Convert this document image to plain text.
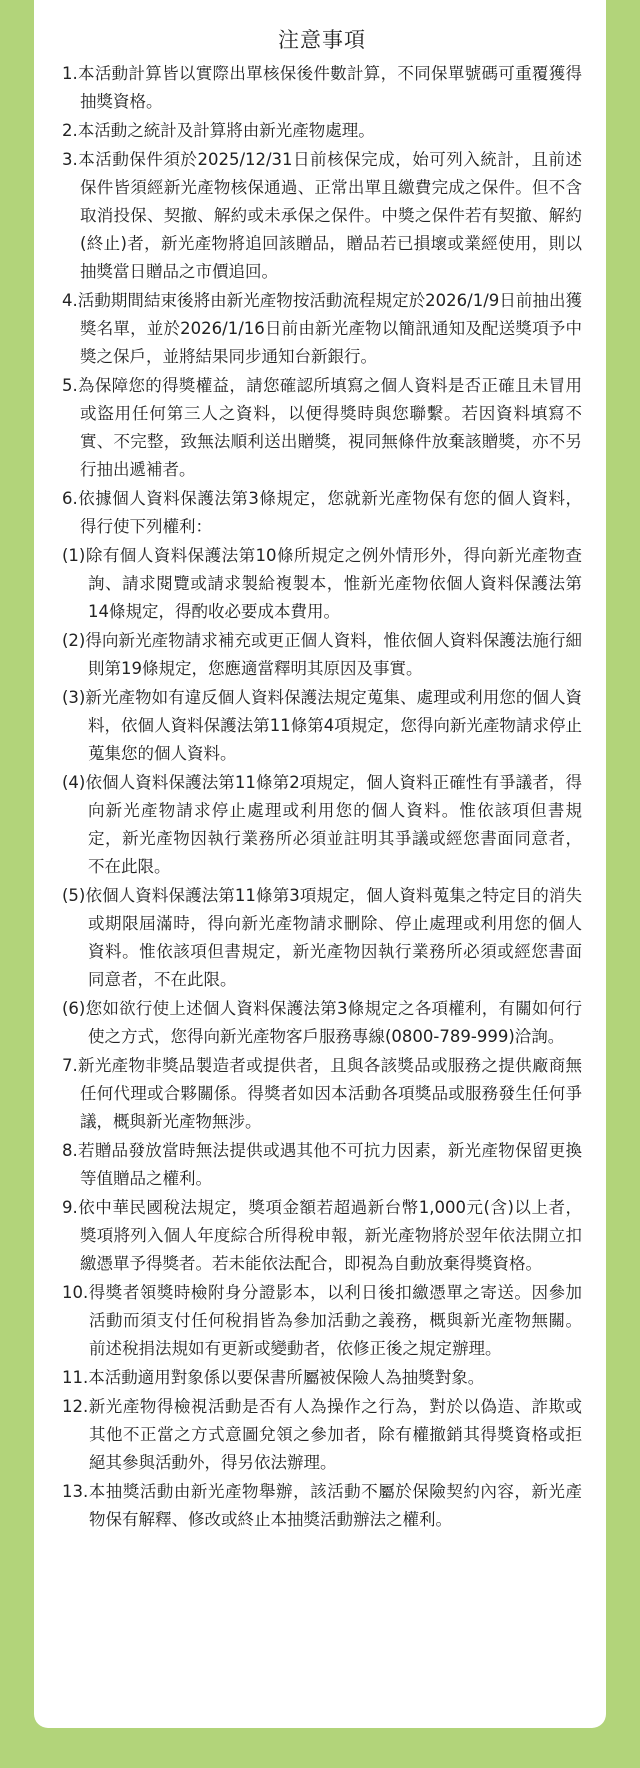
注意事項
1.本活動計算皆以實際出單核保後件數計算，不同保單號碼可重覆獲得抽獎資格。
2.本活動之統計及計算將由新光產物處理。
3.本活動保件須於2025/12/31日前核保完成，始可列入統計，且前述保件皆須經新光產物核保通過、正常出單且繳費完成之保件。但不含取消投保、契撤、解約或未承保之保件。中獎之保件若有契撤、解約(終止)者，新光產物將追回該贈品，贈品若已損壞或業經使用，則以抽獎當日贈品之市價追回。
4.活動期間結束後將由新光產物按活動流程規定於2026/1/9日前抽出獲獎名單，並於2026/1/16日前由新光產物以簡訊通知及配送獎項予中獎之保戶，並將結果同步通知台新銀行。
5.為保障您的得獎權益，請您確認所填寫之個人資料是否正確且未冒用或盜用任何第三人之資料，以便得獎時與您聯繫。若因資料填寫不實、不完整，致無法順利送出贈獎，視同無條件放棄該贈獎，亦不另行抽出遞補者。
6.依據個人資料保護法第3條規定，您就新光產物保有您的個人資料，得行使下列權利：
(1)除有個人資料保護法第10條所規定之例外情形外，得向新光產物查詢、請求閱覽或請求製給複製本，惟新光產物依個人資料保護法第14條規定，得酌收必要成本費用。
(2)得向新光產物請求補充或更正個人資料，惟依個人資料保護法施行細則第19條規定，您應適當釋明其原因及事實。
(3)新光產物如有違反個人資料保護法規定蒐集、處理或利用您的個人資料，依個人資料保護法第11條第4項規定，您得向新光產物請求停止蒐集您的個人資料。
(4)依個人資料保護法第11條第2項規定，個人資料正確性有爭議者，得向新光產物請求停止處理或利用您的個人資料。惟依該項但書規定，新光產物因執行業務所必須並註明其爭議或經您書面同意者，不在此限。
(5)依個人資料保護法第11條第3項規定，個人資料蒐集之特定目的消失或期限屆滿時，得向新光產物請求刪除、停止處理或利用您的個人資料。惟依該項但書規定，新光產物因執行業務所必須或經您書面同意者，不在此限。
(6)您如欲行使上述個人資料保護法第3條規定之各項權利，有關如何行使之方式，您得向新光產物客戶服務專線(0800-789-999)洽詢。
7.新光產物非獎品製造者或提供者，且與各該獎品或服務之提供廠商無任何代理或合夥關係。得獎者如因本活動各項獎品或服務發生任何爭議，概與新光產物無涉。
8.若贈品發放當時無法提供或遇其他不可抗力因素，新光產物保留更換等值贈品之權利。
9.依中華民國稅法規定，獎項金額若超過新台幣1,000元(含)以上者，獎項將列入個人年度綜合所得稅申報，新光產物將於翌年依法開立扣繳憑單予得獎者。若未能依法配合，即視為自動放棄得獎資格。
10.得獎者領獎時檢附身分證影本，以利日後扣繳憑單之寄送。因參加活動而須支付任何稅捐皆為參加活動之義務，概與新光產物無關。前述稅捐法規如有更新或變動者，依修正後之規定辦理。
11.本活動適用對象係以要保書所屬被保險人為抽獎對象。
12.新光產物得檢視活動是否有人為操作之行為，對於以偽造、詐欺或其他不正當之方式意圖兌領之參加者，除有權撤銷其得獎資格或拒絕其參與活動外，得另依法辦理。
13.本抽獎活動由新光產物舉辦，該活動不屬於保險契約內容，新光產物保有解釋、修改或終止本抽獎活動辦法之權利。
